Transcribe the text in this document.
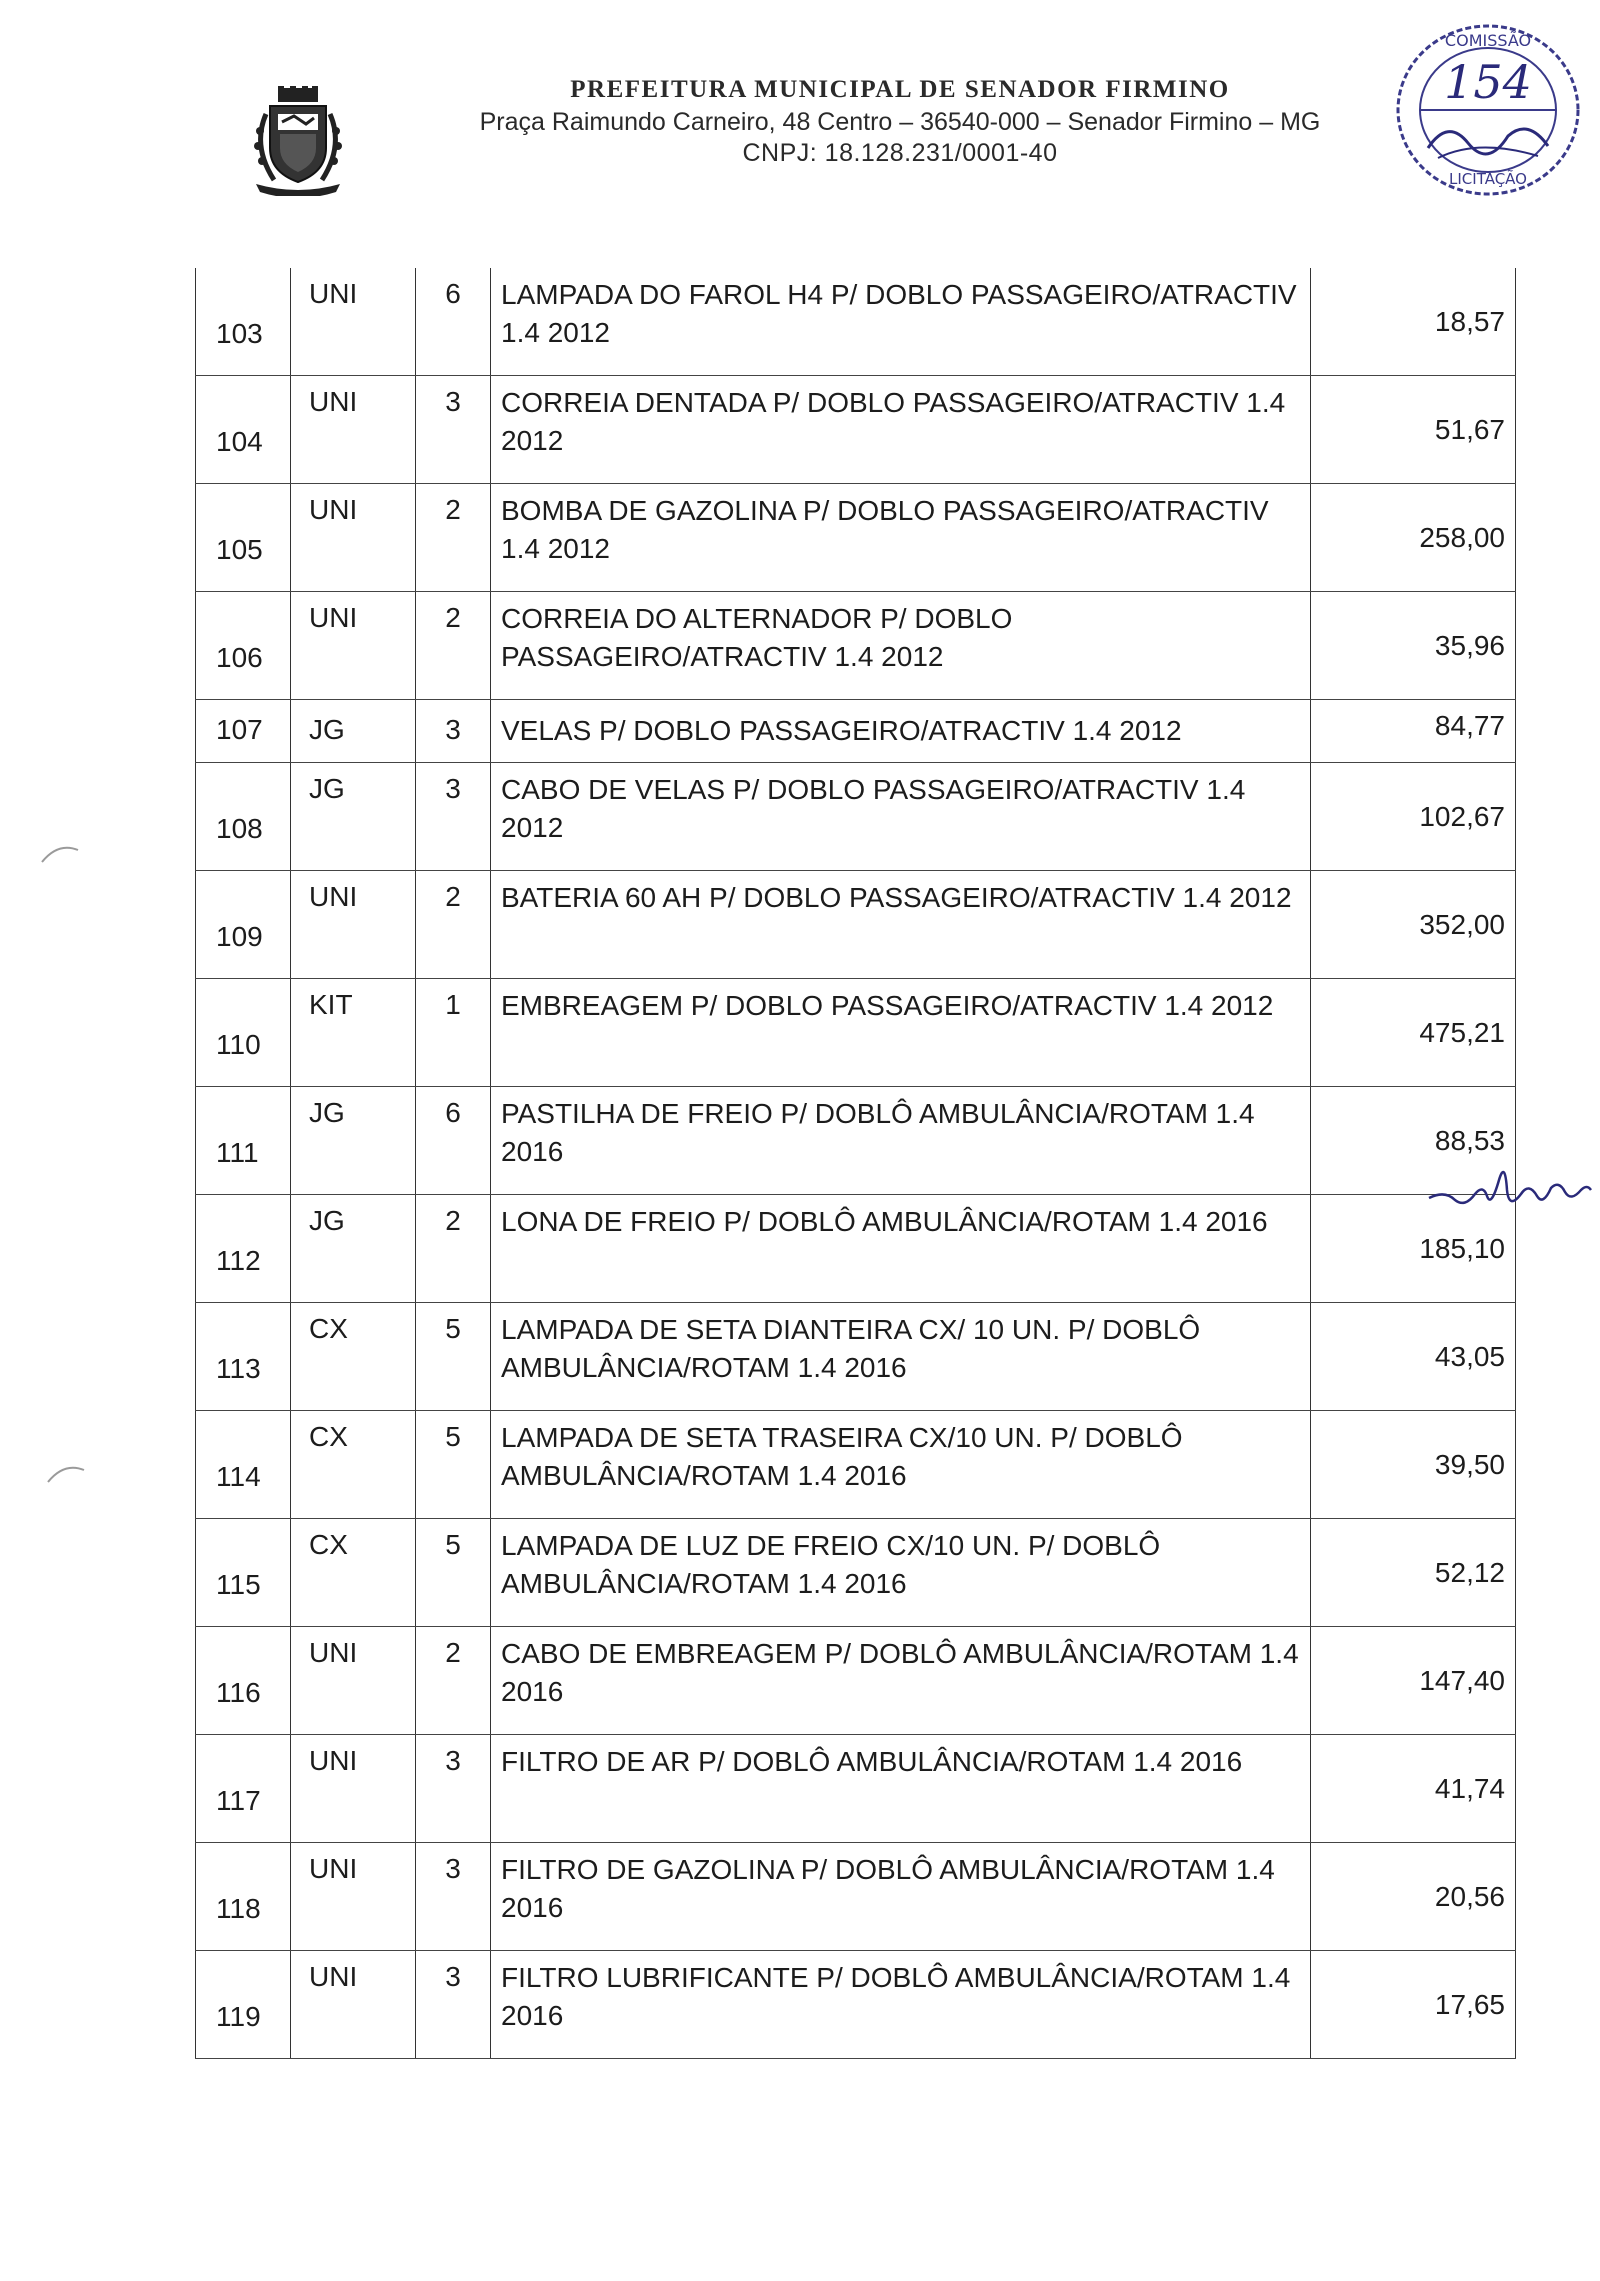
PREFEITURA MUNICIPAL DE SENADOR FIRMINO
Praça Raimundo Carneiro, 48 Centro – 36540-000 – Senador Firmino – MG
CNPJ: 18.128.231/0001-40
COMISSÃO
154
LICITAÇÃO
103	UNI	6	LAMPADA DO FAROL H4 P/ DOBLO PASSAGEIRO/ATRACTIV 1.4 2012	18,57

104	UNI	3	CORREIA DENTADA P/ DOBLO PASSAGEIRO/ATRACTIV 1.4 2012	51,67

105	UNI	2	BOMBA DE GAZOLINA P/ DOBLO PASSAGEIRO/ATRACTIV 1.4 2012	258,00

106	UNI	2	CORREIA DO ALTERNADOR P/ DOBLO PASSAGEIRO/ATRACTIV 1.4 2012	35,96

107	JG	3	VELAS P/ DOBLO PASSAGEIRO/ATRACTIV 1.4 2012	84,77

108	JG	3	CABO DE VELAS P/ DOBLO PASSAGEIRO/ATRACTIV 1.4 2012	102,67

109	UNI	2	BATERIA 60 AH P/ DOBLO PASSAGEIRO/ATRACTIV 1.4 2012	352,00

110	KIT	1	EMBREAGEM P/ DOBLO PASSAGEIRO/ATRACTIV 1.4 2012	475,21

111	JG	6	PASTILHA DE FREIO P/ DOBLÔ AMBULÂNCIA/ROTAM 1.4 2016	88,53

112	JG	2	LONA DE FREIO P/ DOBLÔ AMBULÂNCIA/ROTAM 1.4 2016	185,10

113	CX	5	LAMPADA DE SETA DIANTEIRA CX/ 10 UN. P/ DOBLÔ AMBULÂNCIA/ROTAM 1.4 2016	43,05

114	CX	5	LAMPADA DE SETA TRASEIRA CX/10 UN. P/ DOBLÔ AMBULÂNCIA/ROTAM 1.4 2016	39,50

115	CX	5	LAMPADA DE LUZ DE FREIO CX/10 UN. P/ DOBLÔ AMBULÂNCIA/ROTAM 1.4 2016	52,12

116	UNI	2	CABO DE EMBREAGEM P/ DOBLÔ AMBULÂNCIA/ROTAM 1.4 2016	147,40

117	UNI	3	FILTRO DE AR P/ DOBLÔ AMBULÂNCIA/ROTAM 1.4 2016	41,74

118	UNI	3	FILTRO DE GAZOLINA P/ DOBLÔ AMBULÂNCIA/ROTAM 1.4 2016	20,56

119	UNI	3	FILTRO LUBRIFICANTE P/ DOBLÔ AMBULÂNCIA/ROTAM 1.4 2016	17,65
